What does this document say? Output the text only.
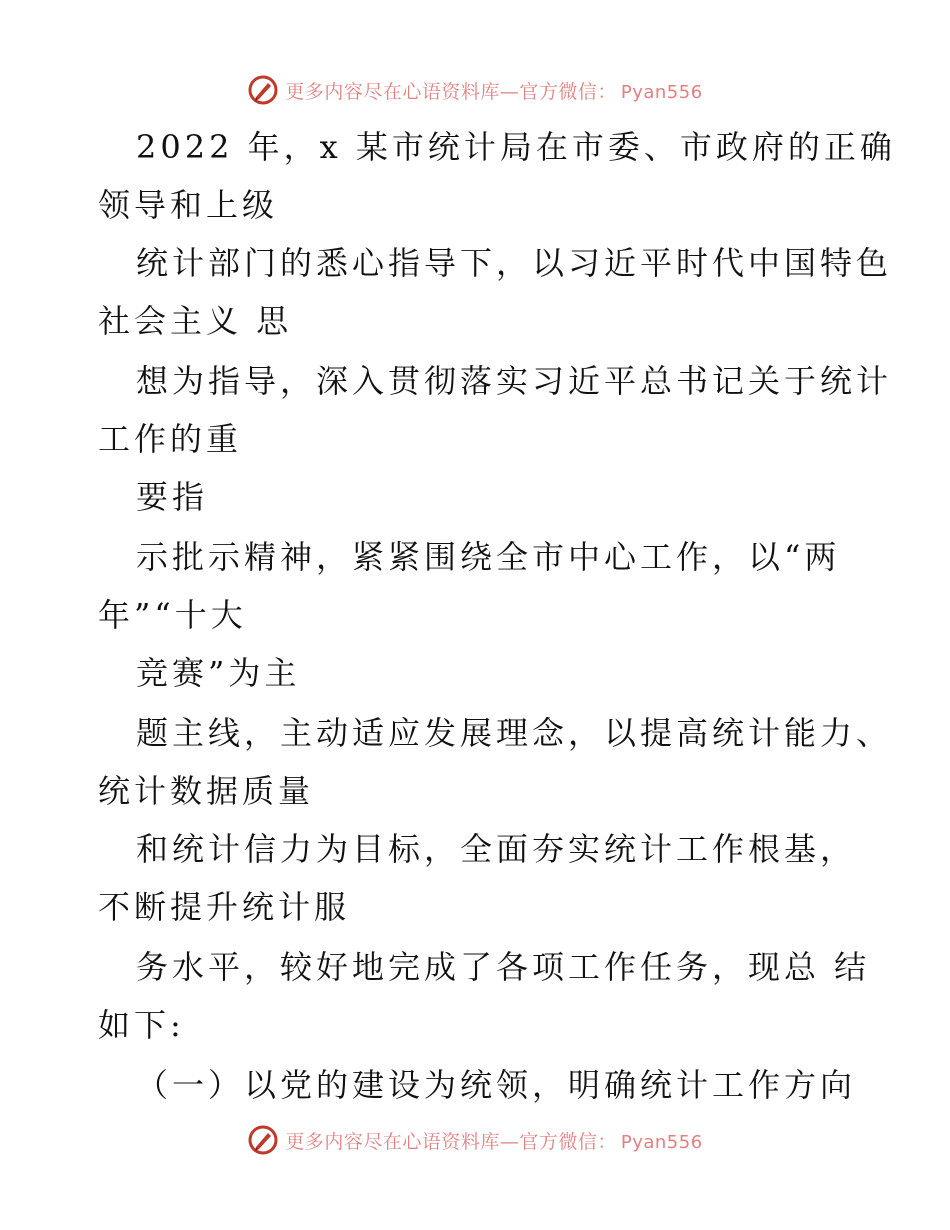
更多内容尽在心语资料库—官方微信： Pyan556
2022 年，x 某市统计局在市委、市政府的正确
领导和上级
统计部门的悉心指导下，以习近平时代中国特色
社会主义 思
想为指导，深入贯彻落实习近平总书记关于统计
工作的重
要指
示批示精神，紧紧围绕全市中心工作，以“两
年”“十大
竞赛”为主
题主线，主动适应发展理念，以提高统计能力、
统计数据质量
和统计信力为目标，全面夯实统计工作根基，
不断提升统计服
务水平，较好地完成了各项工作任务，现总 结
如下:
（一）以党的建设为统领，明确统计工作方向
更多内容尽在心语资料库—官方微信： Pyan556
